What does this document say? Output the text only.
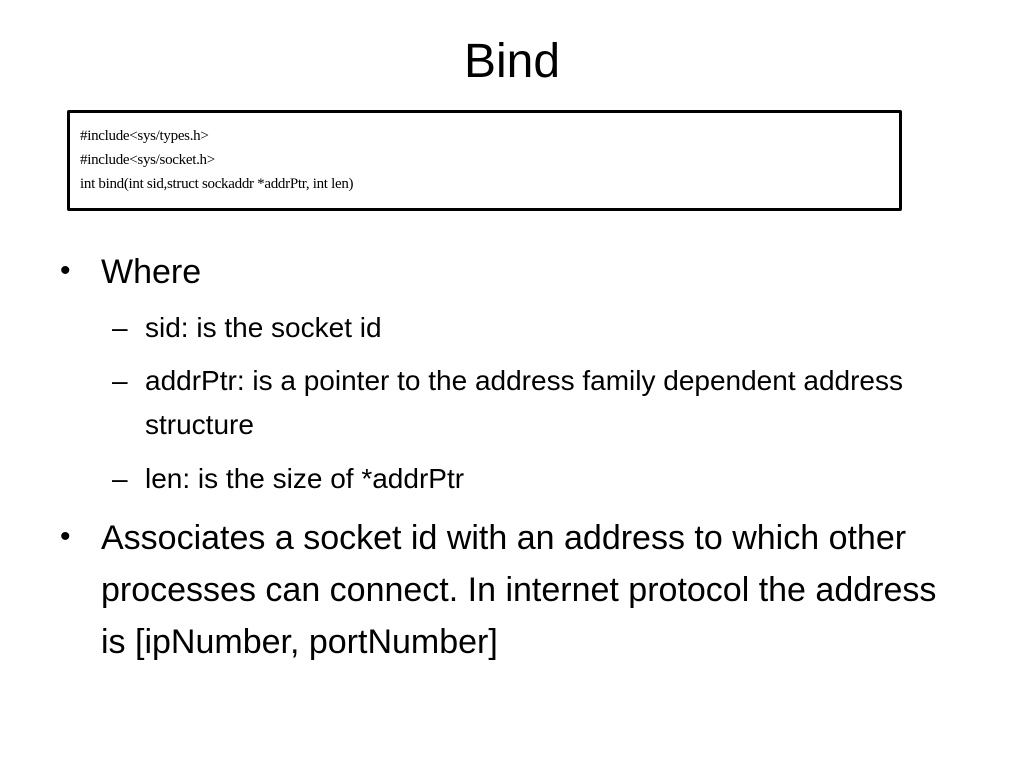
Bind
#include<sys/types.h>
#include<sys/socket.h>
int bind(int sid,struct sockaddr *addrPtr, int len)
• Where
– sid: is the socket id
– addrPtr: is a pointer to the address family dependent address structure
– len: is the size of *addrPtr
• Associates a socket id with an address to which other processes can connect. In internet protocol the address is [ipNumber, portNumber]
